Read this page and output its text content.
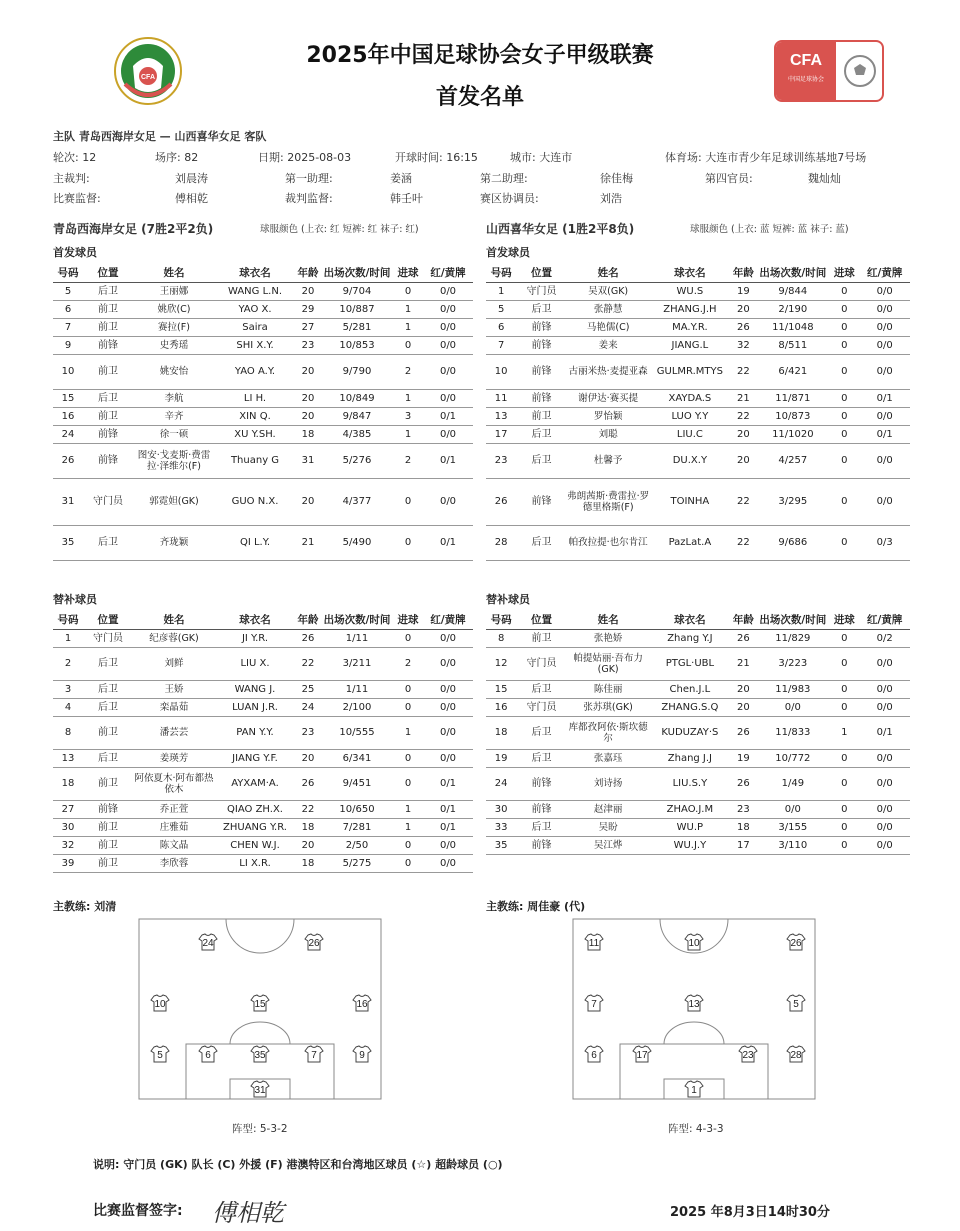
CFA
2025年中国足球协会女子甲级联赛
首发名单
CFA
中国足球协会
主队 青岛西海岸女足 — 山西喜华女足 客队
轮次: 12	场序: 82	日期: 2025-08-03	开球时间: 16:15	城市: 大连市	体育场: 大连市青少年足球训练基地7号场
主裁判:	刘晨涛	第一助理:	姜涵	第二助理:	徐佳梅	第四官员:	魏灿灿
比赛监督:	傅相乾	裁判监督:	韩壬叶	赛区协调员:	刘浩
青岛西海岸女足 (7胜2平2负)	球服颜色 (上衣: 红 短裤: 红 袜子: 红)	山西喜华女足 (1胜2平8负)	球服颜色 (上衣: 蓝 短裤: 蓝 袜子: 蓝)
首发球员	首发球员
号码	位置	姓名	球衣名	年龄	出场次数/时间	进球	红/黄牌
5	后卫	王丽娜	WANG L.N.	20	9/704	0	0/0
6	前卫	姚欣(C)	YAO X.	29	10/887	1	0/0
7	前卫	赛拉(F)	Saira	27	5/281	1	0/0
9	前锋	史秀瑶	SHI X.Y.	23	10/853	0	0/0
10	前卫	姚安怡	YAO A.Y.	20	9/790	2	0/0
15	后卫	李航	LI H.	20	10/849	1	0/0
16	前卫	辛齐	XIN Q.	20	9/847	3	0/1
24	前锋	徐一硕	XU Y.SH.	18	4/385	1	0/0
26	前锋	图安·戈麦斯·费雷拉·泽维尔(F)	Thuany G	31	5/276	2	0/1
31	守门员	郭霓妲(GK)	GUO N.X.	20	4/377	0	0/0
35	后卫	齐珑颖	QI L.Y.	21	5/490	0	0/1
号码	位置	姓名	球衣名	年龄	出场次数/时间	进球	红/黄牌
1	守门员	吴双(GK)	WU.S	19	9/844	0	0/0
5	后卫	张静慧	ZHANG.J.H	20	2/190	0	0/0
6	前锋	马艳儒(C)	MA.Y.R.	26	11/1048	0	0/0
7	前锋	姜来	JIANG.L	32	8/511	0	0/0
10	前锋	古丽米热·麦提亚森	GULMR.MTYS	22	6/421	0	0/0
11	前锋	谢伊达·赛买提	XAYDA.S	21	11/871	0	0/1
13	前卫	罗怡颖	LUO Y.Y	22	10/873	0	0/0
17	后卫	刘聪	LIU.C	20	11/1020	0	0/1
23	后卫	杜馨予	DU.X.Y	20	4/257	0	0/0
26	前锋	弗朗茜斯·费雷拉·罗德里格斯(F)	TOINHA	22	3/295	0	0/0
28	后卫	帕孜拉提·也尔肯江	PazLat.A	22	9/686	0	0/3
替补球员	替补球员
号码	位置	姓名	球衣名	年龄	出场次数/时间	进球	红/黄牌
1	守门员	纪彦蓉(GK)	JI Y.R.	26	1/11	0	0/0
2	后卫	刘鲜	LIU X.	22	3/211	2	0/0
3	后卫	王娇	WANG J.	25	1/11	0	0/0
4	后卫	栾晶茹	LUAN J.R.	24	2/100	0	0/0
8	前卫	潘芸芸	PAN Y.Y.	23	10/555	1	0/0
13	后卫	姜瑛芳	JIANG Y.F.	20	6/341	0	0/0
18	前卫	阿依夏木·阿布都热依木	AYXAM·A.	26	9/451	0	0/1
27	前锋	乔正萱	QIAO ZH.X.	22	10/650	1	0/1
30	前卫	庄雅茹	ZHUANG Y.R.	18	7/281	1	0/1
32	前卫	陈文晶	CHEN W.J.	20	2/50	0	0/0
39	前卫	李欣蓉	LI X.R.	18	5/275	0	0/0
号码	位置	姓名	球衣名	年龄	出场次数/时间	进球	红/黄牌
8	前卫	张艳娇	Zhang Y.J	26	11/829	0	0/2
12	守门员	帕提姑丽·吾布力(GK)	PTGL·UBL	21	3/223	0	0/0
15	后卫	陈佳丽	Chen.J.L	20	11/983	0	0/0
16	守门员	张苏琪(GK)	ZHANG.S.Q	20	0/0	0	0/0
18	后卫	库都孜阿依·斯坎德尔	KUDUZAY·S	26	11/833	1	0/1
19	后卫	张嘉珏	Zhang J.J	19	10/772	0	0/0
24	前锋	刘诗扬	LIU.S.Y	26	1/49	0	0/0
30	前锋	赵津丽	ZHAO.J.M	23	0/0	0	0/0
33	后卫	吴盼	WU.P	18	3/155	0	0/0
35	前锋	吴江烨	WU.J.Y	17	3/110	0	0/0
主教练: 刘清	主教练: 周佳豪 (代)
24	26
10	15	16
5	6	35	7	9
31
11	10	26
7	13	5
6	17	23	28
1
阵型: 5-3-2	阵型: 4-3-3
说明: 守门员 (GK) 队长 (C) 外援 (F) 港澳特区和台湾地区球员 (☆) 超龄球员 (○)
比赛监督签字: 傅相乾	2025 年8月3日14时30分
